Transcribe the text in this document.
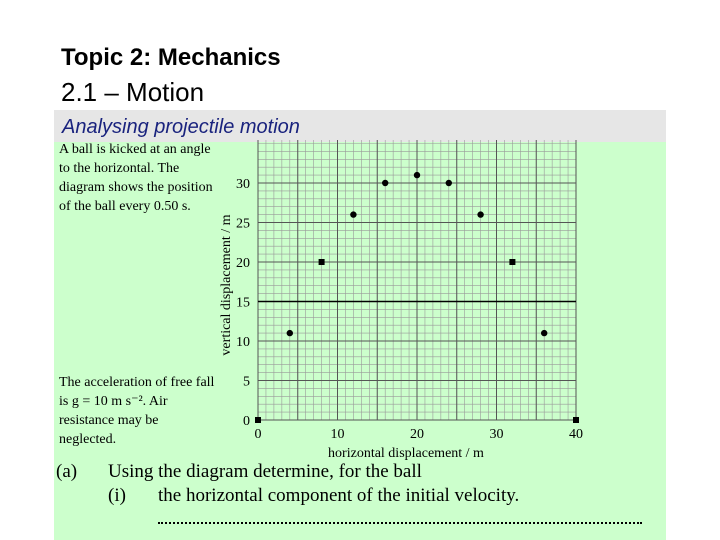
Topic 2: Mechanics
2.1 – Motion
Analysing projectile motion
A ball is kicked at an angle to the horizontal. The diagram shows the position of the ball every 0.50 s.
The acceleration of free fall is g = 10 m s⁻². Air resistance may be neglected.
0
5
10
15
20
25
30
0	10	20	30	40
horizontal displacement / m
vertical displacement / m
(a) Using the diagram determine, for the ball
(i) the horizontal component of the initial velocity.
